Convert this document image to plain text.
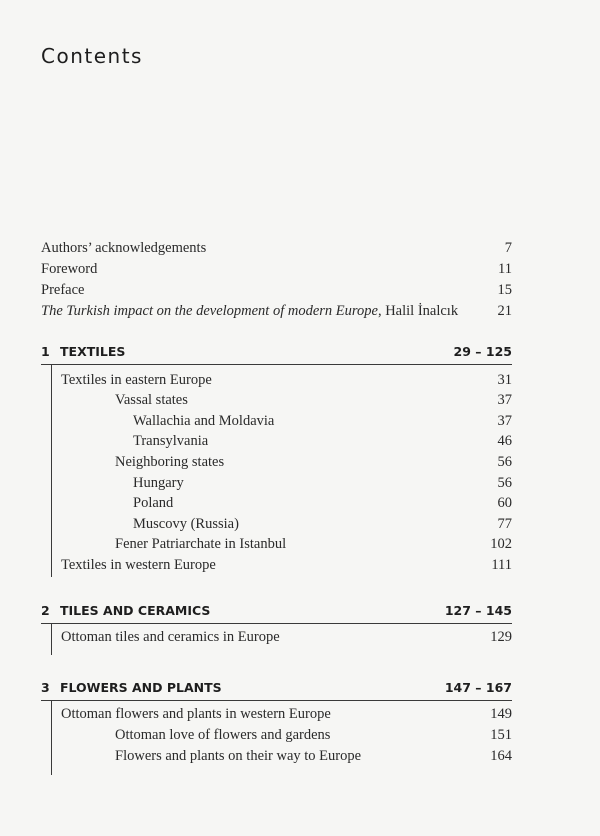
Contents
Authors’ acknowledgements	7
Foreword	11
Preface	15
The Turkish impact on the development of modern Europe, Halil İnalcık	21
1 TEXTILES	29 – 125
Textiles in eastern Europe	31
Vassal states	37
Wallachia and Moldavia	37
Transylvania	46
Neighboring states	56
Hungary	56
Poland	60
Muscovy (Russia)	77
Fener Patriarchate in Istanbul	102
Textiles in western Europe	111
2 TILES AND CERAMICS	127 – 145
Ottoman tiles and ceramics in Europe	129
3 FLOWERS AND PLANTS	147 – 167
Ottoman flowers and plants in western Europe	149
Ottoman love of flowers and gardens	151
Flowers and plants on their way to Europe	164
